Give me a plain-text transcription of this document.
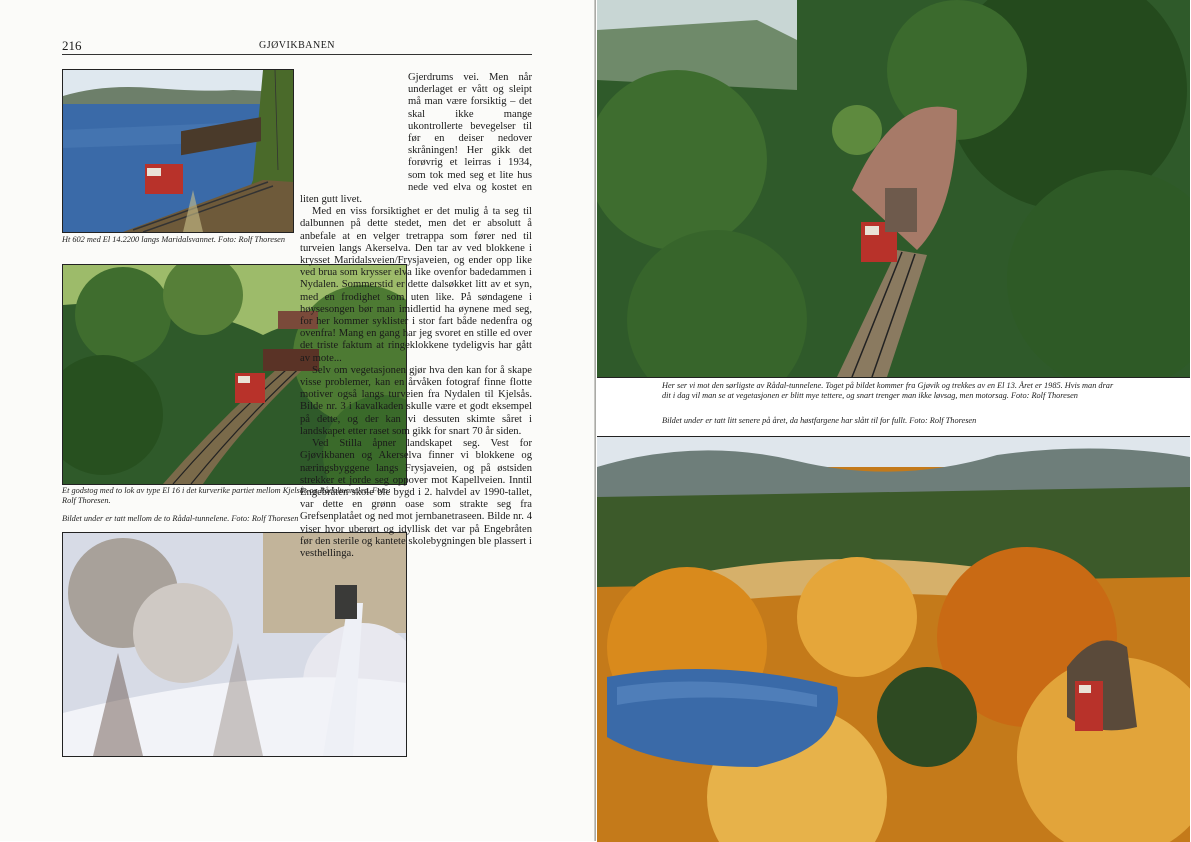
216	GJØVIKBANEN
Ht 602 med El 14.2200 langs Maridalsvannet. Foto: Rolf Thoresen
Et godstog med to lok av type El 16 i det kurverike partiet mellom Kjelsås og Rådaltunnelen. Foto: Rolf Thoresen.
Bildet under er tatt mellom de to Rådal-tunnelene. Foto: Rolf Thoresen

Gjerdrums vei. Men når underlaget er vått og sleipt må man være forsiktig – det skal ikke mange ukontrollerte bevegelser til før en deiser nedover skråningen! Her gikk det forøvrig et leirras i 1934, som tok med seg et lite hus nede ved elva og kostet en liten gutt livet.

Med en viss forsiktighet er det mulig å ta seg til dalbunnen på dette stedet, men det er absolutt å anbefale at en velger tretrappa som fører ned til turveien langs Akerselva. Den tar av ved blokkene i krysset Maridalsveien/Frysjaveien, og ender opp like ved brua som krysser elva like ovenfor badedammen i Nydalen. Sommerstid er dette dalsøkket litt av et syn, med en frodighet som uten like. På søndagene i høysesongen bør man imidlertid ha øynene med seg, for her kommer syklister i stor fart både nedenfra og ovenfra! Mang en gang har jeg svoret en stille ed over det triste faktum at ringeklokkene tydeligvis har gått av mote...

Selv om vegetasjonen gjør hva den kan for å skape visse problemer, kan en årvåken fotograf finne flotte motiver også langs turveien fra Nydalen til Kjelsås. Bilde nr. 3 i kavalkaden skulle være et godt eksempel på dette, og der kan vi dessuten skimte såret i landskapet etter raset som gikk for snart 70 år siden.

Ved Stilla åpner landskapet seg. Vest for Gjøvikbanen og Akerselva finner vi blokkene og næringsbyggene langs Frysjaveien, og på østsiden strekker et jorde seg oppover mot Kapellveien. Inntil Engebråten skole ble bygd i 2. halvdel av 1990-tallet, var dette en grønn oase som strakte seg fra Grefsenplatået og ned mot jernbanetraseen. Bilde nr. 4 viser hvor uberørt og idyllisk det var på Engebråten før den sterile og kantete skolebygningen ble plassert i vesthellinga.

Her ser vi mot den sørligste av Rådal-tunnelene. Toget på bildet kommer fra Gjøvik og trekkes av en El 13. Året er 1985. Hvis man drar dit i dag vil man se at vegetasjonen er blitt mye tettere, og snart trenger man ikke løvsag, men motorsag. Foto: Rolf Thoresen
Bildet under er tatt litt senere på året, da høstfargene har slått til for fullt. Foto: Rolf Thoresen
